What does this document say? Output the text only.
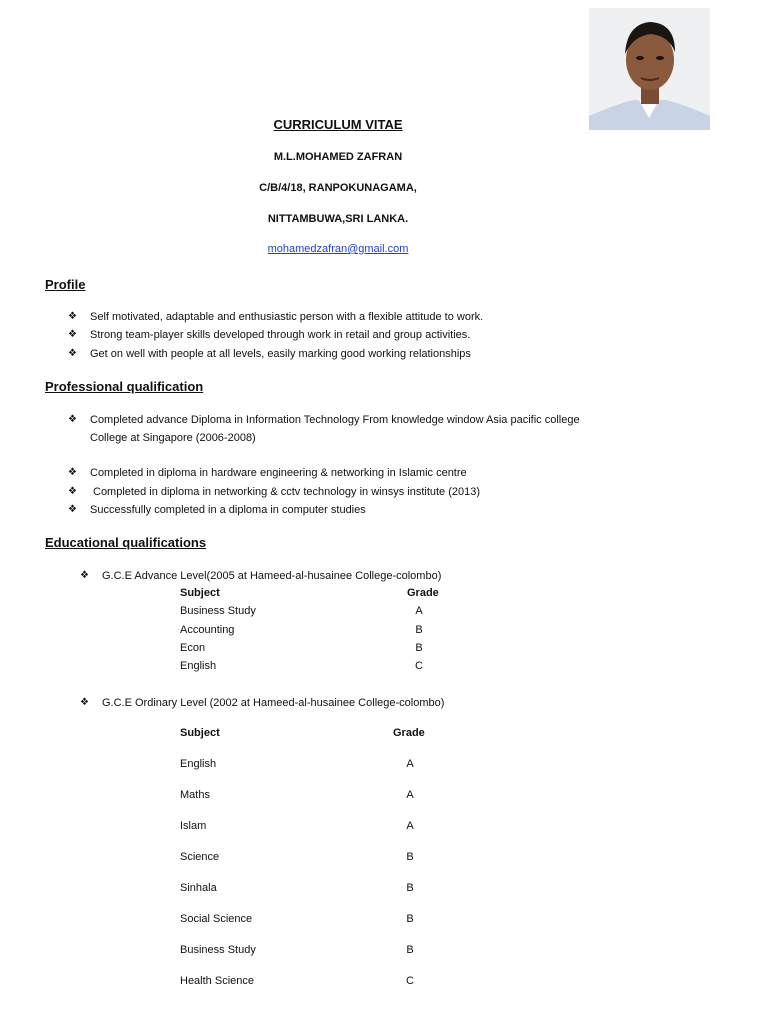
CURRICULUM VITAE
M.L.MOHAMED ZAFRAN
C/B/4/18, RANPOKUNAGAMA,
NITTAMBUWA,SRI LANKA.
mohamedzafran@gmail.com
Profile
❖	Self motivated, adaptable and enthusiastic person with a flexible attitude to work.
❖	Strong team-player skills developed through work in retail and group activities.
❖	Get on well with people at all levels, easily marking good working relationships
Professional qualification
❖	Completed advance Diploma in Information Technology From knowledge window Asia pacific college
College at Singapore (2006-2008)
❖	Completed in diploma in hardware engineering & networking in Islamic centre
❖	Completed in diploma in networking & cctv technology in winsys institute (2013)
❖	Successfully completed in a diploma in computer studies
Educational qualifications
❖	G.C.E Advance Level(2005 at Hameed-al-husainee College-colombo)
Subject	Grade
Business Study	A
Accounting	B
Econ	B
English	C
❖	G.C.E Ordinary Level (2002 at Hameed-al-husainee College-colombo)
Subject	Grade
English	A
Maths	A
Islam	A
Science	B
Sinhala	B
Social Science	B
Business Study	B
Health Science	C
